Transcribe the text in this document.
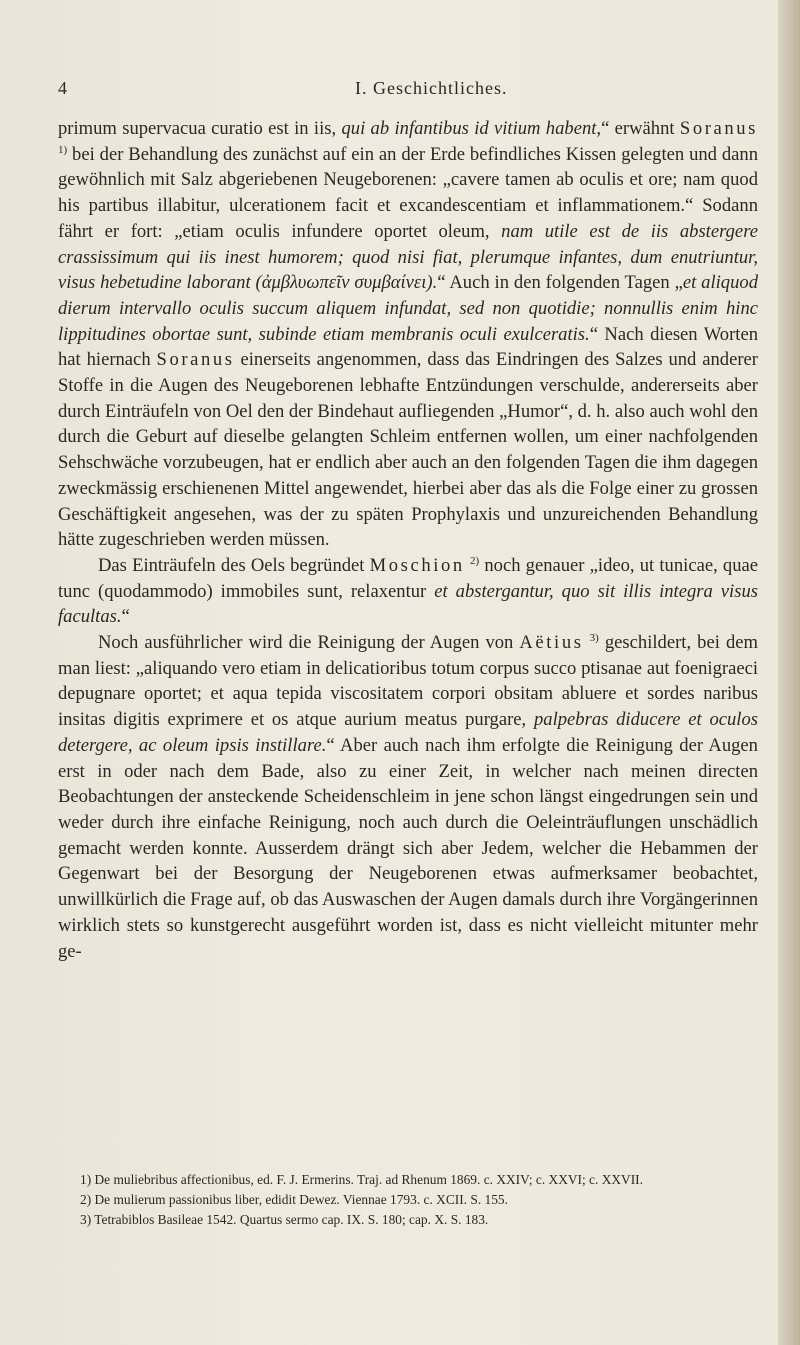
4	I. Geschichtliches.

primum supervacua curatio est in iis, qui ab infantibus id vitium habent,“ erwähnt Soranus $^{1)}$ bei der Behandlung des zunächst auf ein an der Erde befindliches Kissen gelegten und dann gewöhnlich mit Salz abgeriebenen Neugeborenen: „cavere tamen ab oculis et ore; nam quod his partibus illabitur, ulcerationem facit et excandescentiam et inflammationem.“ Sodann fährt er fort: „etiam oculis infundere oportet oleum, nam utile est de iis abstergere crassissimum qui iis inest humorem; quod nisi fiat, plerumque infantes, dum enutriuntur, visus hebetudine laborant (ἀμβλυωπεῖν συμβαίνει).“ Auch in den folgenden Tagen „et aliquod dierum intervallo oculis succum aliquem infundat, sed non quotidie; nonnullis enim hinc lippitudines obortae sunt, subinde etiam membranis oculi exulceratis.“ Nach diesen Worten hat hiernach Soranus einerseits angenommen, dass das Eindringen des Salzes und anderer Stoffe in die Augen des Neugeborenen lebhafte Entzündungen verschulde, andererseits aber durch Einträufeln von Oel den der Bindehaut aufliegenden „Humor“, d. h. also auch wohl den durch die Geburt auf dieselbe gelangten Schleim entfernen wollen, um einer nachfolgenden Sehschwäche vorzubeugen, hat er endlich aber auch an den folgenden Tagen die ihm dagegen zweckmässig erschienenen Mittel angewendet, hierbei aber das als die Folge einer zu grossen Geschäftigkeit angesehen, was der zu späten Prophylaxis und unzureichenden Behandlung hätte zugeschrieben werden müssen.

Das Einträufeln des Oels begründet Moschion $^{2)}$ noch genauer „ideo, ut tunicae, quae tunc (quodammodo) immobiles sunt, relaxentur et abstergantur, quo sit illis integra visus facultas.“

Noch ausführlicher wird die Reinigung der Augen von Aëtius $^{3)}$ geschildert, bei dem man liest: „aliquando vero etiam in delicatioribus totum corpus succo ptisanae aut foenigraeci depugnare oportet; et aqua tepida viscositatem corpori obsitam abluere et sordes naribus insitas digitis exprimere et os atque aurium meatus purgare, palpebras diducere et oculos detergere, ac oleum ipsis instillare.“ Aber auch nach ihm erfolgte die Reinigung der Augen erst in oder nach dem Bade, also zu einer Zeit, in welcher nach meinen directen Beobachtungen der ansteckende Scheidenschleim in jene schon längst eingedrungen sein und weder durch ihre einfache Reinigung, noch auch durch die Oeleinträuflungen unschädlich gemacht werden konnte. Ausserdem drängt sich aber Jedem, welcher die Hebammen der Gegenwart bei der Besorgung der Neugeborenen etwas aufmerksamer beobachtet, unwillkürlich die Frage auf, ob das Auswaschen der Augen damals durch ihre Vorgängerinnen wirklich stets so kunstgerecht ausgeführt worden ist, dass es nicht vielleicht mitunter mehr ge-

1) De muliebribus affectionibus, ed. F. J. Ermerins. Traj. ad Rhenum 1869. c. XXIV; c. XXVI; c. XXVII.
2) De mulierum passionibus liber, edidit Dewez. Viennae 1793. c. XCII. S. 155.
3) Tetrabiblos Basileae 1542. Quartus sermo cap. IX. S. 180; cap. X. S. 183.
